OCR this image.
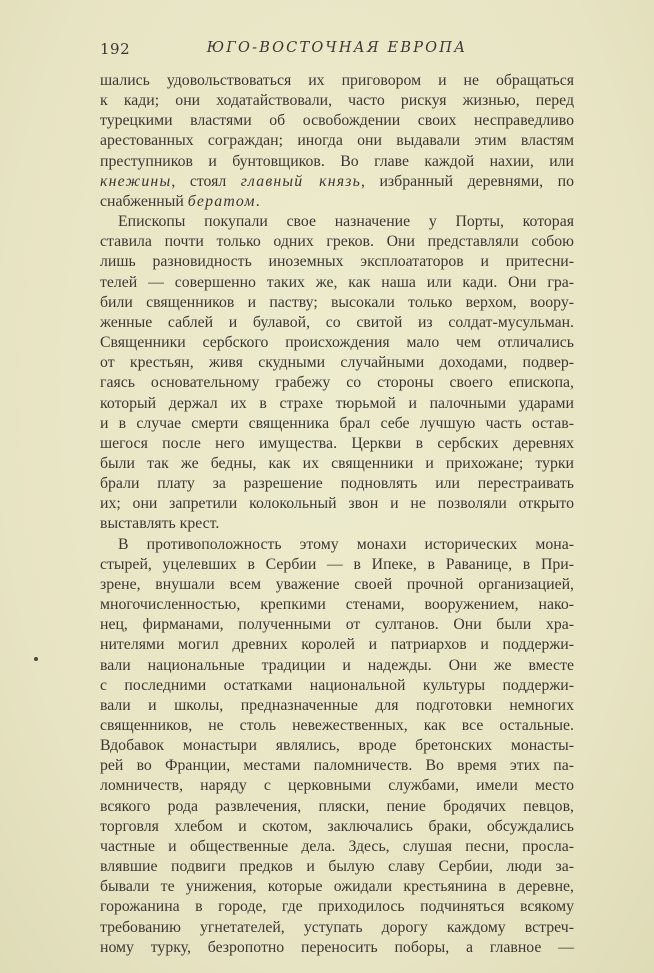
192	ЮГО-ВОСТОЧНАЯ ЕВРОПА
шались удовольствоваться их приговором и не обращаться
к кади; они ходатайствовали, часто рискуя жизнью, перед
турецкими властями об освобождении своих несправедливо
арестованных сограждан; иногда они выдавали этим властям
преступников и бунтовщиков. Во главе каждой нахии, или
кнежины, стоял главный князь, избранный деревнями, по
снабженный бератом.
Епископы покупали свое назначение у Порты, которая
ставила почти только одних греков. Они представляли собою
лишь разновидность иноземных эксплоататоров и притесни-
телей — совершенно таких же, как наша или кади. Они гра-
били священников и паству; высокали только верхом, воору-
женные саблей и булавой, со свитой из солдат-мусульман.
Священники сербского происхождения мало чем отличались
от крестьян, живя скудными случайными доходами, подвер-
гаясь основательному грабежу со стороны своего епископа,
который держал их в страхе тюрьмой и палочными ударами
и в случае смерти священника брал себе лучшую часть остав-
шегося после него имущества. Церкви в сербских деревнях
были так же бедны, как их священники и прихожане; турки
брали плату за разрешение подновлять или перестраивать
их; они запретили колокольный звон и не позволяли открыто
выставлять крест.
В противоположность этому монахи исторических мона-
стырей, уцелевших в Сербии — в Ипеке, в Раванице, в При-
зрене, внушали всем уважение своей прочной организацией,
многочисленностью, крепкими стенами, вооружением, нако-
нец, фирманами, полученными от султанов. Они были хра-
нителями могил древних королей и патриархов и поддержи-
вали национальные традиции и надежды. Они же вместе
с последними остатками национальной культуры поддержи-
вали и школы, предназначенные для подготовки немногих
священников, не столь невежественных, как все остальные.
Вдобавок монастыри являлись, вроде бретонских монасты-
рей во Франции, местами паломничеств. Во время этих па-
ломничеств, наряду с церковными службами, имели место
всякого рода развлечения, пляски, пение бродячих певцов,
торговля хлебом и скотом, заключались браки, обсуждались
частные и общественные дела. Здесь, слушая песни, просла-
влявшие подвиги предков и былую славу Сербии, люди за-
бывали те унижения, которые ожидали крестьянина в деревне,
горожанина в городе, где приходилось подчиняться всякому
требованию угнетателей, уступать дорогу каждому встреч-
ному турку, безропотно переносить поборы, а главное —
